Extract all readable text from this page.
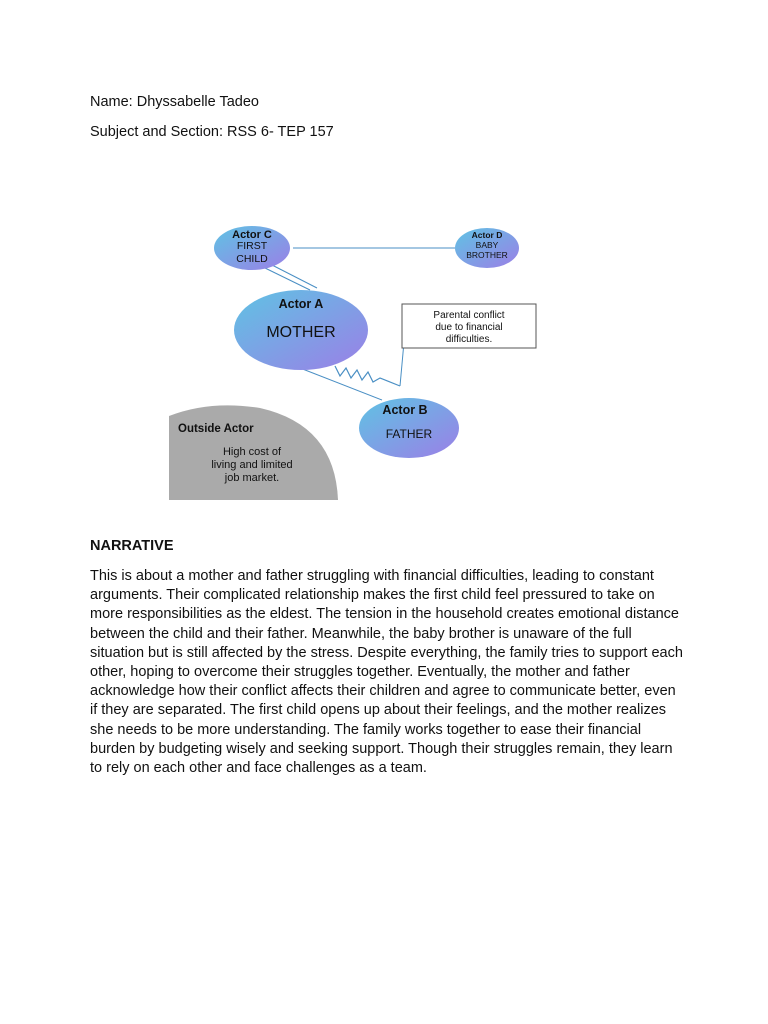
Name: Dhyssabelle Tadeo
Subject and Section: RSS 6- TEP 157
Actor C
FIRST
CHILD
Actor D
BABY
BROTHER
Actor A
MOTHER
Parental conflict
due to financial
difficulties.
Actor B
FATHER
Outside Actor
High cost of
living and limited
job market.
NARRATIVE
This is about a mother and father struggling with financial difficulties, leading to constant arguments. Their complicated relationship makes the first child feel pressured to take on more responsibilities as the eldest. The tension in the household creates emotional distance between the child and their father. Meanwhile, the baby brother is unaware of the full situation but is still affected by the stress. Despite everything, the family tries to support each other, hoping to overcome their struggles together. Eventually, the mother and father acknowledge how their conflict affects their children and agree to communicate better, even if they are separated. The first child opens up about their feelings, and the mother realizes she needs to be more understanding. The family works together to ease their financial burden by budgeting wisely and seeking support. Though their struggles remain, they learn to rely on each other and face challenges as a team.
